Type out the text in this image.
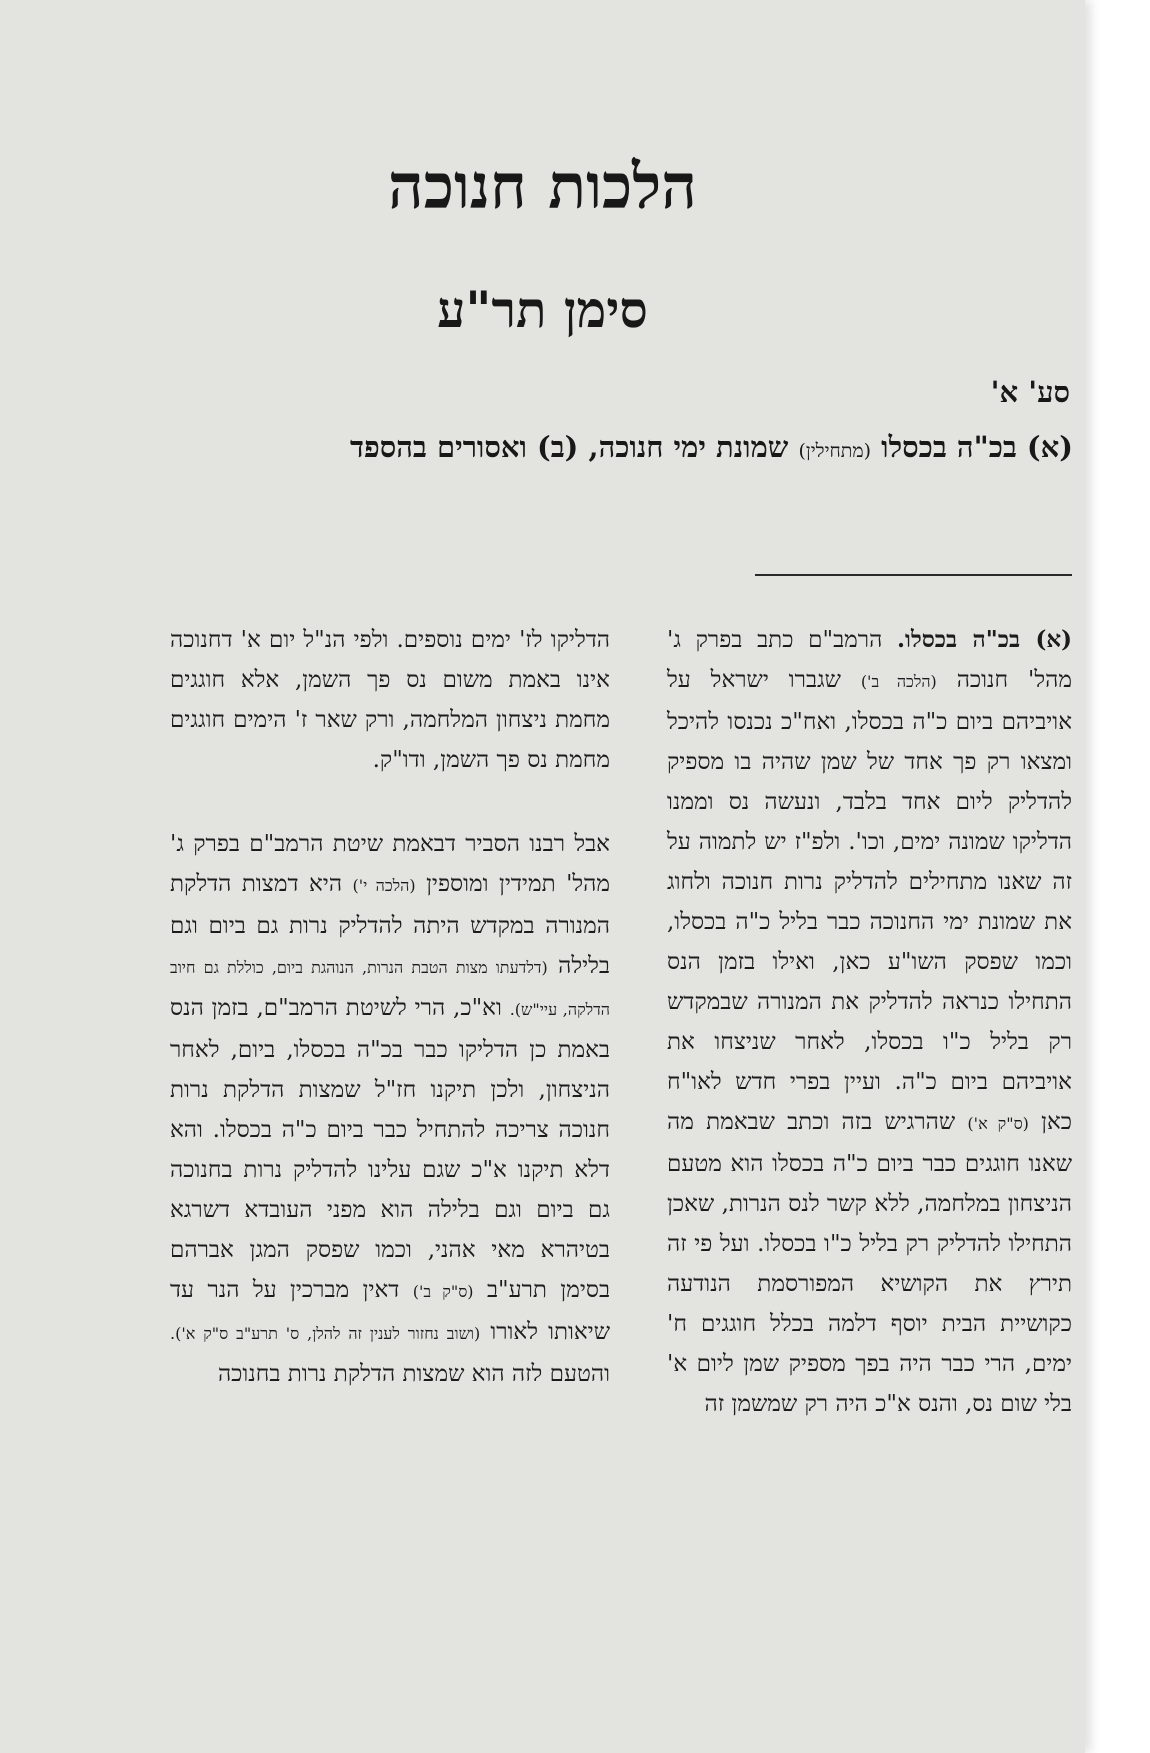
הלכות חנוכה
סימן תר"ע
סע' א'
(א) בכ"ה בכסלו (מתחילין) שמונת ימי חנוכה, (ב) ואסורים בהספד

(א) בכ"ה בכסלו. הרמב"ם כתב בפרק ג' מהל' חנוכה (הלכה ב') שגברו ישראל על אויביהם ביום כ"ה בכסלו, ואח"כ נכנסו להיכל ומצאו רק פך אחד של שמן שהיה בו מספיק להדליק ליום אחד בלבד, ונעשה נס וממנו הדליקו שמונה ימים, וכו'. ולפ"ז יש לתמוה על זה שאנו מתחילים להדליק נרות חנוכה ולחוג את שמונת ימי החנוכה כבר בליל כ"ה בכסלו, וכמו שפסק השו"ע כאן, ואילו בזמן הנס התחילו כנראה להדליק את המנורה שבמקדש רק בליל כ"ו בכסלו, לאחר שניצחו את אויביהם ביום כ"ה. ועיין בפרי חדש לאו"ח כאן (ס"ק א') שהרגיש בזה וכתב שבאמת מה שאנו חוגגים כבר ביום כ"ה בכסלו הוא מטעם הניצחון במלחמה, ללא קשר לנס הנרות, שאכן התחילו להדליק רק בליל כ"ו בכסלו. ועל פי זה תירץ את הקושיא המפורסמת הנודעה כקושיית הבית יוסף דלמה בכלל חוגגים ח' ימים, הרי כבר היה בפך מספיק שמן ליום א' בלי שום נס, והנס א"כ היה רק שמשמן זה

הדליקו לז' ימים נוספים. ולפי הנ"ל יום א' דחנוכה אינו באמת משום נס פך השמן, אלא חוגגים מחמת ניצחון המלחמה, ורק שאר ז' הימים חוגגים מחמת נס פך השמן, ודו"ק.

אבל רבנו הסביר דבאמת שיטת הרמב"ם בפרק ג' מהל' תמידין ומוספין (הלכה י') היא דמצות הדלקת המנורה במקדש היתה להדליק נרות גם ביום וגם בלילה (דלדעתו מצות הטבת הנרות, הנוהגת ביום, כוללת גם חיוב הדלקה, עיי"ש). וא"כ, הרי לשיטת הרמב"ם, בזמן הנס באמת כן הדליקו כבר בכ"ה בכסלו, ביום, לאחר הניצחון, ולכן תיקנו חז"ל שמצות הדלקת נרות חנוכה צריכה להתחיל כבר ביום כ"ה בכסלו. והא דלא תיקנו א"כ שגם עלינו להדליק נרות בחנוכה גם ביום וגם בלילה הוא מפני העובדא דשרגא בטיהרא מאי אהני, וכמו שפסק המגן אברהם בסימן תרע"ב (ס"ק ב') דאין מברכין על הנר עד שיאותו לאורו (ושוב נחזור לענין זה להלן, ס' תרע"ב ס"ק א'). והטעם לזה הוא שמצות הדלקת נרות בחנוכה
